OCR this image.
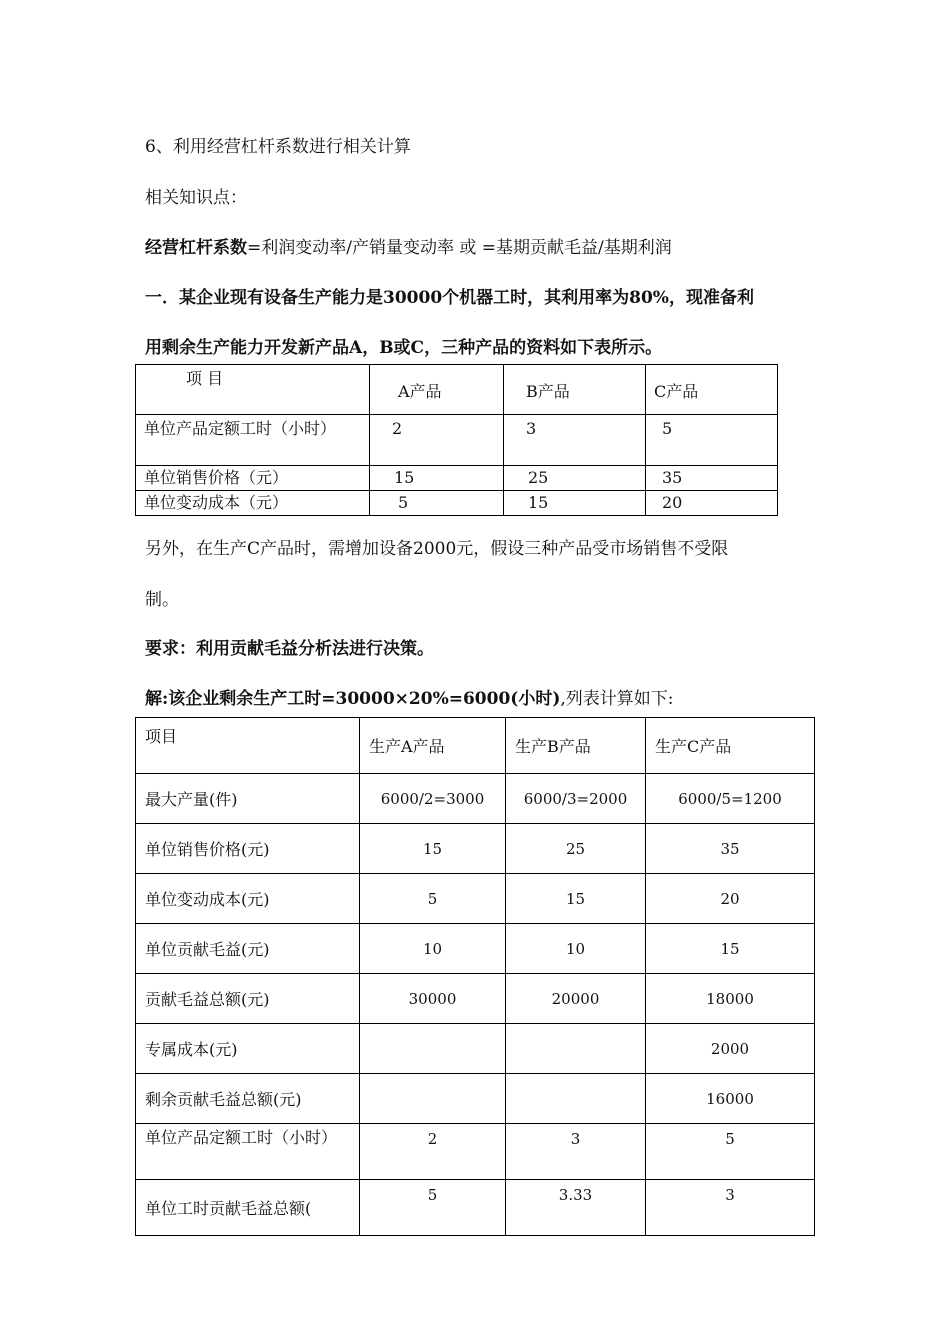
6、利用经营杠杆系数进行相关计算
相关知识点：
经营杠杆系数=利润变动率/产销量变动率 或 =基期贡献毛益/基期利润
一．某企业现有设备生产能力是30000个机器工时，其利用率为80%，现准备利
用剩余生产能力开发新产品A，B或C，三种产品的资料如下表所示。
项 目	A产品	B产品	C产品
单位产品定额工时（小时）	2	3	5
单位销售价格（元）	15	25	35
单位变动成本（元）	5	15	20
另外，在生产C产品时，需增加设备2000元，假设三种产品受市场销售不受限
制。
要求：利用贡献毛益分析法进行决策。
解:该企业剩余生产工时=30000×20%=6000(小时),列表计算如下:
项目	生产A产品	生产B产品	生产C产品
最大产量(件)	6000/2=3000	6000/3=2000	6000/5=1200
单位销售价格(元)	15	25	35
单位变动成本(元)	5	15	20
单位贡献毛益(元)	10	10	15
贡献毛益总额(元)	30000	20000	18000
专属成本(元)			2000
剩余贡献毛益总额(元)			16000
单位产品定额工时（小时）	2	3	5
单位工时贡献毛益总额(	5	3.33	3
